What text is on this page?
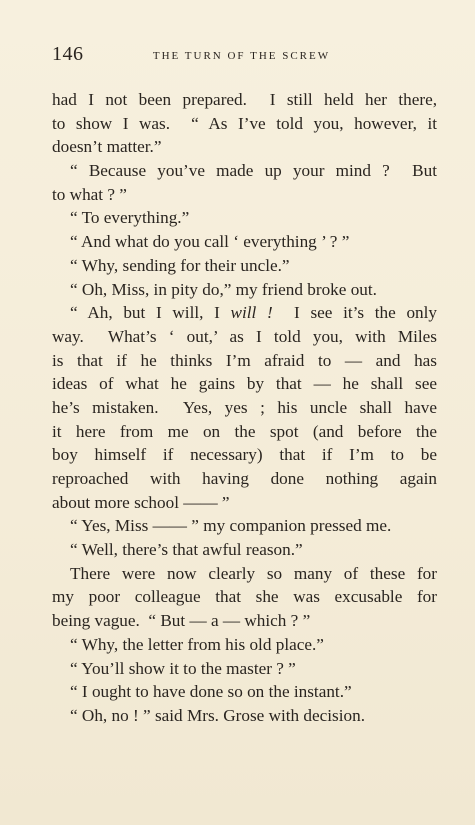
146	THE TURN OF THE SCREW
had I not been prepared.  I still held her there,
to show I was.  “ As I’ve told you, however, it
doesn’t matter.”
“ Because you’ve made up your mind ?  But
to what ? ”
“ To everything.”
“ And what do you call ‘ everything ’ ? ”
“ Why, sending for their uncle.”
“ Oh, Miss, in pity do,” my friend broke out.
“ Ah, but I will, I will !  I see it’s the only
way.  What’s ‘ out,’ as I told you, with Miles
is that if he thinks I’m afraid to — and has
ideas of what he gains by that — he shall see
he’s mistaken.  Yes, yes ; his uncle shall have
it here from me on the spot (and before the
boy himself if necessary) that if I’m to be
reproached with having done nothing again
about more school —— ”
“ Yes, Miss —— ” my companion pressed me.
“ Well, there’s that awful reason.”
There were now clearly so many of these for
my poor colleague that she was excusable for
being vague.  “ But — a — which ? ”
“ Why, the letter from his old place.”
“ You’ll show it to the master ? ”
“ I ought to have done so on the instant.”
“ Oh, no ! ” said Mrs. Grose with decision.
